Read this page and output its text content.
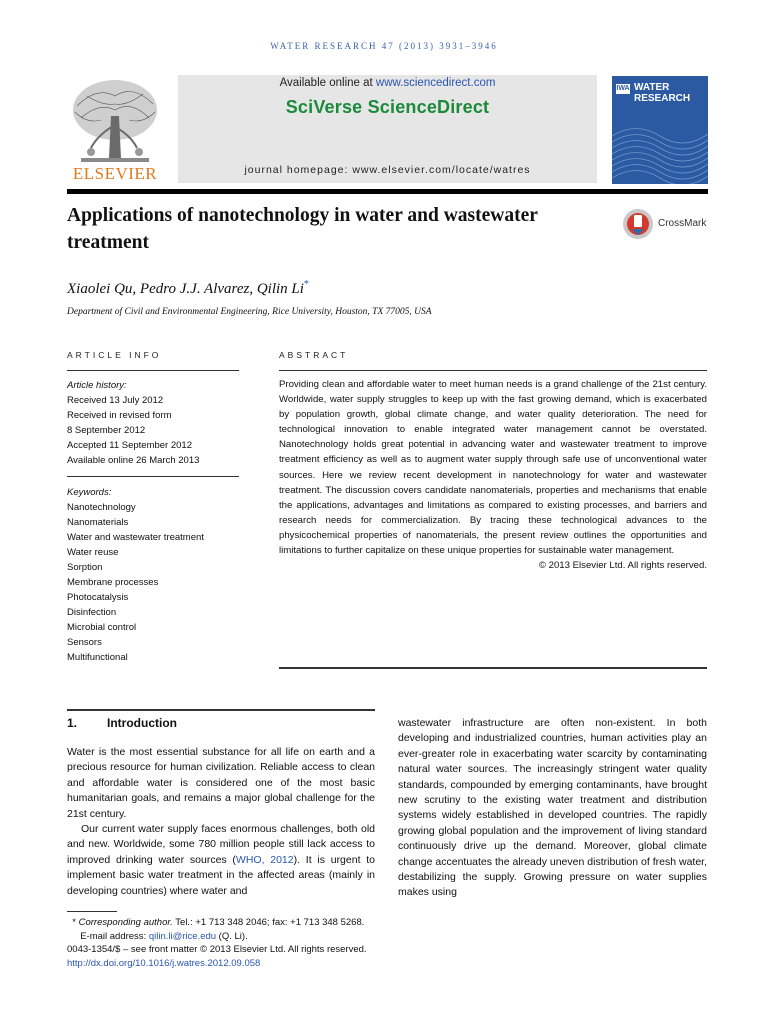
WATER RESEARCH 47 (2013) 3931–3946
ELSEVIER
Available online at www.sciencedirect.com
SciVerse ScienceDirect
journal homepage: www.elsevier.com/locate/watres
IWA WATER
RESEARCH
Applications of nanotechnology in water and wastewater treatment
CrossMark
Xiaolei Qu, Pedro J.J. Alvarez, Qilin Li*
Department of Civil and Environmental Engineering, Rice University, Houston, TX 77005, USA
ARTICLE INFO
Article history:
Received 13 July 2012
Received in revised form
8 September 2012
Accepted 11 September 2012
Available online 26 March 2013
Keywords:
Nanotechnology
Nanomaterials
Water and wastewater treatment
Water reuse
Sorption
Membrane processes
Photocatalysis
Disinfection
Microbial control
Sensors
Multifunctional
ABSTRACT
Providing clean and affordable water to meet human needs is a grand challenge of the 21st century. Worldwide, water supply struggles to keep up with the fast growing demand, which is exacerbated by population growth, global climate change, and water quality deterioration. The need for technological innovation to enable integrated water management cannot be overstated. Nanotechnology holds great potential in advancing water and wastewater treatment to improve treatment efficiency as well as to augment water supply through safe use of unconventional water sources. Here we review recent development in nanotechnology for water and wastewater treatment. The discussion covers candidate nanomaterials, properties and mechanisms that enable the applications, advantages and limitations as compared to existing processes, and barriers and research needs for commercialization. By tracing these technological advances to the physicochemical properties of nanomaterials, the present review outlines the opportunities and limitations to further capitalize on these unique properties for sustainable water management.
© 2013 Elsevier Ltd. All rights reserved.
1. Introduction

Water is the most essential substance for all life on earth and a precious resource for human civilization. Reliable access to clean and affordable water is considered one of the most basic humanitarian goals, and remains a major global challenge for the 21st century.

Our current water supply faces enormous challenges, both old and new. Worldwide, some 780 million people still lack access to improved drinking water sources (WHO, 2012). It is urgent to implement basic water treatment in the affected areas (mainly in developing countries) where water and

wastewater infrastructure are often non-existent. In both developing and industrialized countries, human activities play an ever-greater role in exacerbating water scarcity by contaminating natural water sources. The increasingly stringent water quality standards, compounded by emerging contaminants, have brought new scrutiny to the existing water treatment and distribution systems widely established in developed countries. The rapidly growing global population and the improvement of living standard continuously drive up the demand. Moreover, global climate change accentuates the already uneven distribution of fresh water, destabilizing the supply. Growing pressure on water supplies makes using

* Corresponding author. Tel.: +1 713 348 2046; fax: +1 713 348 5268.
E-mail address: qilin.li@rice.edu (Q. Li).
0043-1354/$ – see front matter © 2013 Elsevier Ltd. All rights reserved.
http://dx.doi.org/10.1016/j.watres.2012.09.058
